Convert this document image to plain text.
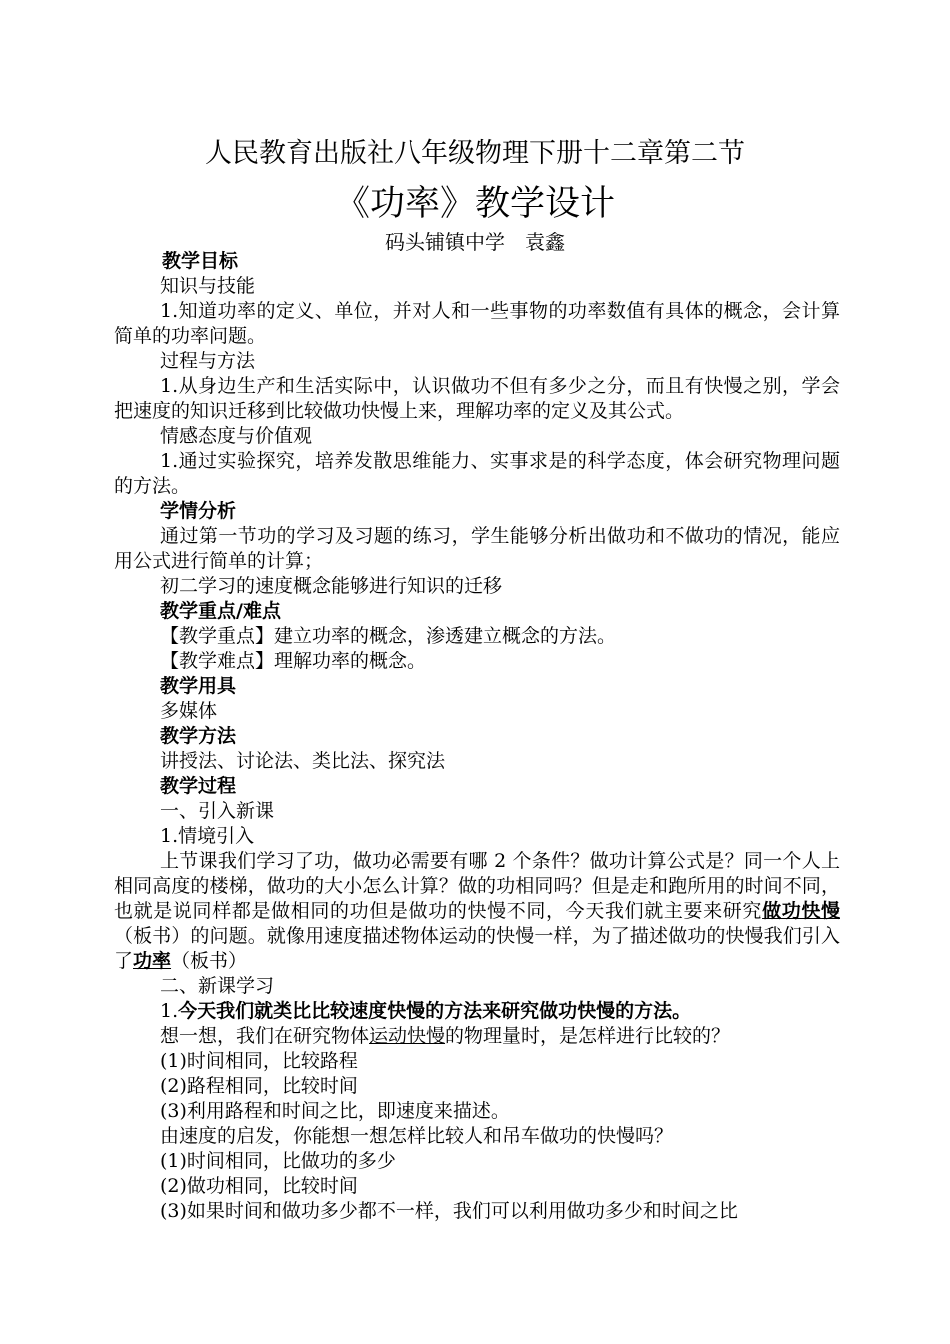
人民教育出版社八年级物理下册十二章第二节
《功率》教学设计
码头铺镇中学　袁鑫
教学目标
知识与技能
1.知道功率的定义、单位，并对人和一些事物的功率数值有具体的概念，会计算简单的功率问题。
过程与方法
1.从身边生产和生活实际中，认识做功不但有多少之分，而且有快慢之别，学会把速度的知识迁移到比较做功快慢上来，理解功率的定义及其公式。
情感态度与价值观
1.通过实验探究，培养发散思维能力、实事求是的科学态度，体会研究物理问题的方法。
学情分析
通过第一节功的学习及习题的练习，学生能够分析出做功和不做功的情况，能应用公式进行简单的计算；
初二学习的速度概念能够进行知识的迁移
教学重点/难点
【教学重点】建立功率的概念，渗透建立概念的方法。
【教学难点】理解功率的概念。
教学用具
多媒体
教学方法
讲授法、讨论法、类比法、探究法
教学过程
一、引入新课
1.情境引入
上节课我们学习了功，做功必需要有哪 2 个条件？做功计算公式是？同一个人上相同高度的楼梯，做功的大小怎么计算？做的功相同吗？但是走和跑所用的时间不同，也就是说同样都是做相同的功但是做功的快慢不同，今天我们就主要来研究做功快慢（板书）的问题。就像用速度描述物体运动的快慢一样，为了描述做功的快慢我们引入了功率（板书）
二、新课学习
1.今天我们就类比比较速度快慢的方法来研究做功快慢的方法。
想一想，我们在研究物体运动快慢的物理量时，是怎样进行比较的？
(1)时间相同，比较路程
(2)路程相同，比较时间
(3)利用路程和时间之比，即速度来描述。
由速度的启发，你能想一想怎样比较人和吊车做功的快慢吗？
(1)时间相同，比做功的多少
(2)做功相同，比较时间
(3)如果时间和做功多少都不一样，我们可以利用做功多少和时间之比
